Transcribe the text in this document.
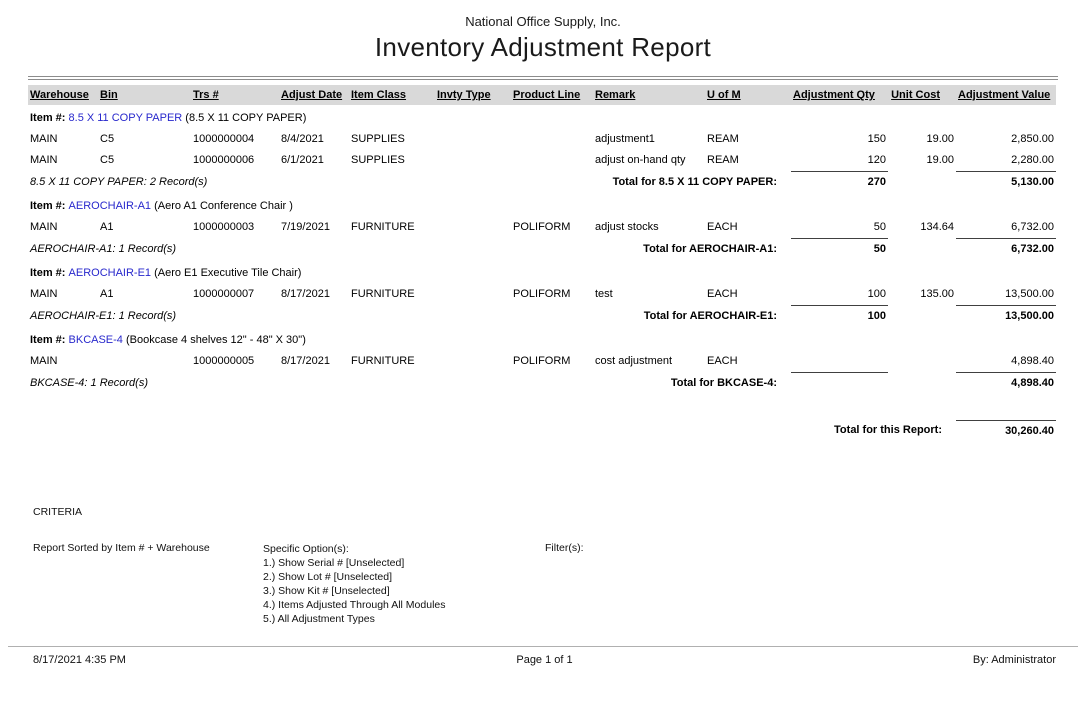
National Office Supply, Inc.
Inventory Adjustment Report
Warehouse	Bin	Trs #	Adjust Date	Item Class	Invty Type	Product Line	Remark	U of M	Adjustment Qty	Unit Cost	Adjustment Value
Item #: 8.5 X 11 COPY PAPER (8.5 X 11 COPY PAPER)											
MAIN	C5	1000000004	8/4/2021	SUPPLIES			adjustment1	REAM	150	19.00	2,850.00
MAIN	C5	1000000006	6/1/2021	SUPPLIES			adjust on-hand qty	REAM	120	19.00	2,280.00
8.5 X 11 COPY PAPER: 2 Record(s)				Total for 8.5 X 11 COPY PAPER:					270		5,130.00
Item #: AEROCHAIR-A1 (Aero A1 Conference Chair )											
MAIN	A1	1000000003	7/19/2021	FURNITURE		POLIFORM	adjust stocks	EACH	50	134.64	6,732.00
AEROCHAIR-A1: 1 Record(s)				Total for AEROCHAIR-A1:					50		6,732.00
Item #: AEROCHAIR-E1 (Aero E1 Executive Tile Chair)											
MAIN	A1	1000000007	8/17/2021	FURNITURE		POLIFORM	test	EACH	100	135.00	13,500.00
AEROCHAIR-E1: 1 Record(s)				Total for AEROCHAIR-E1:					100		13,500.00
Item #: BKCASE-4 (Bookcase 4 shelves 12" - 48" X 30")											
MAIN		1000000005	8/17/2021	FURNITURE		POLIFORM	cost adjustment	EACH			4,898.40
BKCASE-4: 1 Record(s)				Total for BKCASE-4:							4,898.40

Total for this Report:											30,260.40
CRITERIA
Report Sorted by Item # + Warehouse	Specific Option(s):
1.) Show Serial # [Unselected]
2.) Show Lot # [Unselected]
3.) Show Kit # [Unselected]
4.) Items Adjusted Through All Modules
5.) All Adjustment Types
Filter(s):
8/17/2021 4:35 PM	Page 1 of 1	By: Administrator
